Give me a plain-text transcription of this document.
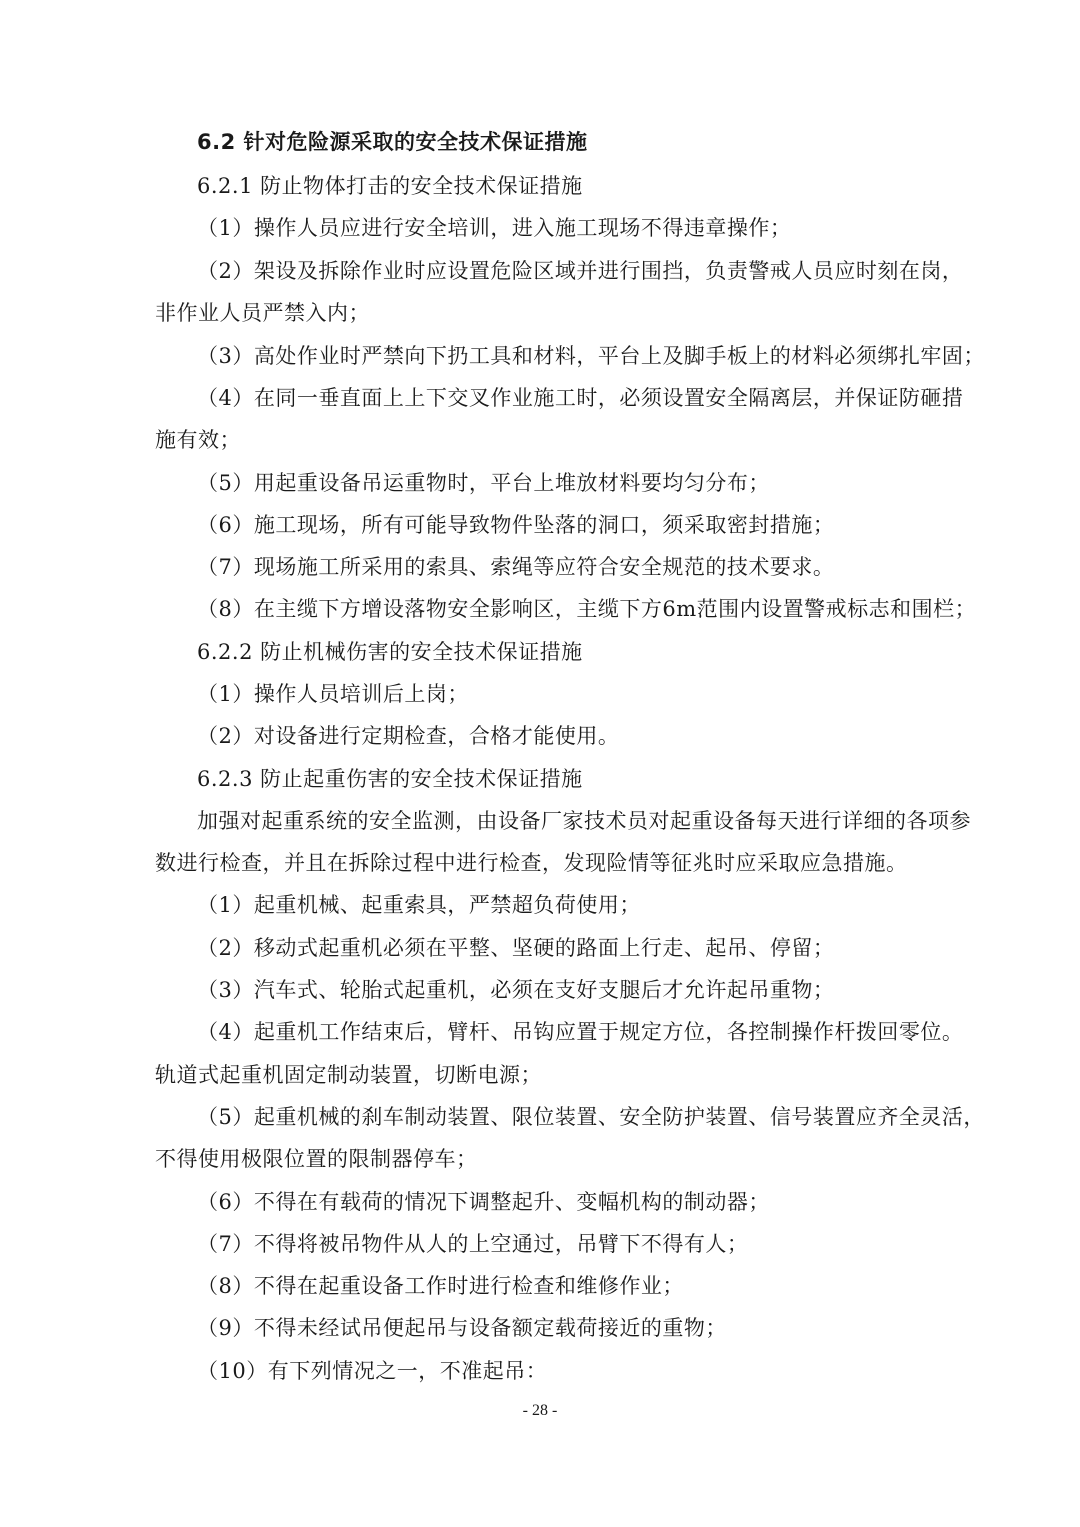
6.2 针对危险源采取的安全技术保证措施
6.2.1 防止物体打击的安全技术保证措施
（1）操作人员应进行安全培训，进入施工现场不得违章操作；
（2）架设及拆除作业时应设置危险区域并进行围挡，负责警戒人员应时刻在岗，
非作业人员严禁入内；
（3）高处作业时严禁向下扔工具和材料，平台上及脚手板上的材料必须绑扎牢固；
（4）在同一垂直面上上下交叉作业施工时，必须设置安全隔离层，并保证防砸措
施有效；
（5）用起重设备吊运重物时，平台上堆放材料要均匀分布；
（6）施工现场，所有可能导致物件坠落的洞口，须采取密封措施；
（7）现场施工所采用的索具、索绳等应符合安全规范的技术要求。
（8）在主缆下方增设落物安全影响区，主缆下方6m范围内设置警戒标志和围栏；
6.2.2 防止机械伤害的安全技术保证措施
（1）操作人员培训后上岗；
（2）对设备进行定期检查，合格才能使用。
6.2.3 防止起重伤害的安全技术保证措施
加强对起重系统的安全监测，由设备厂家技术员对起重设备每天进行详细的各项参
数进行检查，并且在拆除过程中进行检查，发现险情等征兆时应采取应急措施。
（1）起重机械、起重索具，严禁超负荷使用；
（2）移动式起重机必须在平整、坚硬的路面上行走、起吊、停留；
（3）汽车式、轮胎式起重机，必须在支好支腿后才允许起吊重物；
（4）起重机工作结束后，臂杆、吊钩应置于规定方位，各控制操作杆拨回零位。
轨道式起重机固定制动装置，切断电源；
（5）起重机械的刹车制动装置、限位装置、安全防护装置、信号装置应齐全灵活，
不得使用极限位置的限制器停车；
（6）不得在有载荷的情况下调整起升、变幅机构的制动器；
（7）不得将被吊物件从人的上空通过，吊臂下不得有人；
（8）不得在起重设备工作时进行检查和维修作业；
（9）不得未经试吊便起吊与设备额定载荷接近的重物；
（10）有下列情况之一，不准起吊：
- 28 -
